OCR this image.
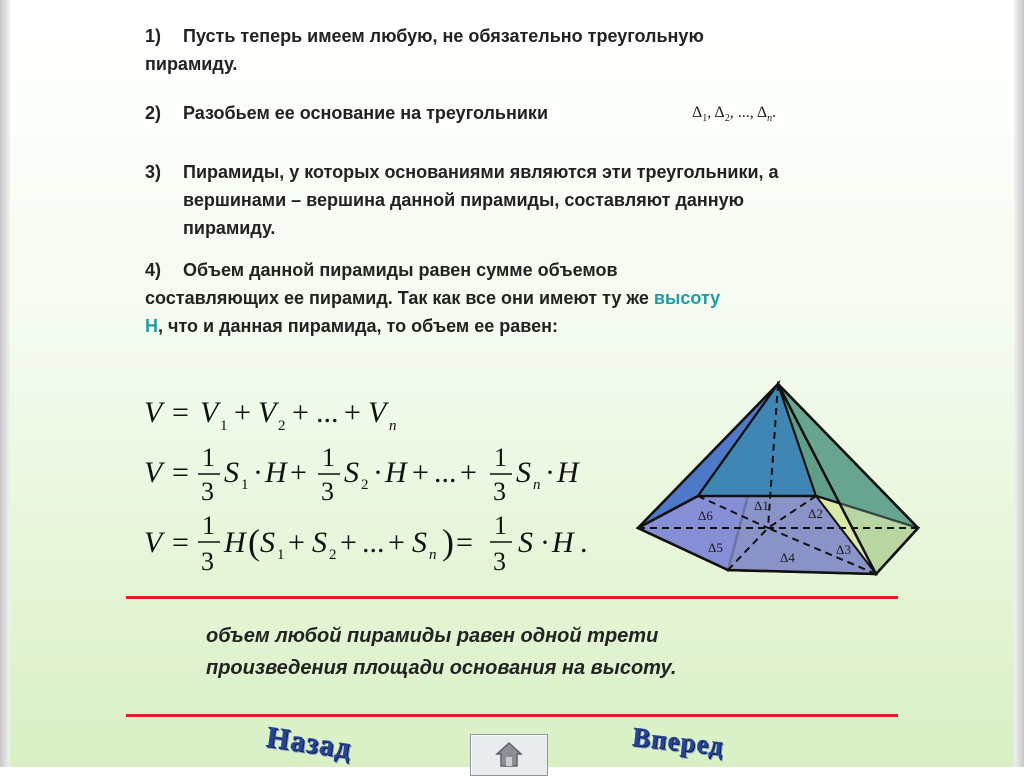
1) Пусть теперь имеем любую, не обязательно треугольную
пирамиду.
2) Разобьем ее основание на треугольники	$\Delta_1$, $\Delta_2$, ..., $\Delta_n$.
3) Пирамиды, у которых основаниями являются эти треугольники, а
вершинами – вершина данной пирамиды, составляют данную
пирамиду.
4) Объем данной пирамиды равен сумме объемов
составляющих ее пирамид. Так как все они имеют ту же высоту
H, что и данная пирамида, то объем ее равен:
V = V 1 + V 2 + ... + V n
V = 1
3
S 1 · H + 1
3
S 2 · H + ... + 1
3
S n · H
V =
1
3
H ( S 1 + S 2 + ... + S n ) =
1
3
S · H .
Δ1
Δ2
Δ3
Δ4
Δ5
Δ6
объем любой пирамиды равен одной трети
произведения площади основания на высоту.
Назад	Вперед
